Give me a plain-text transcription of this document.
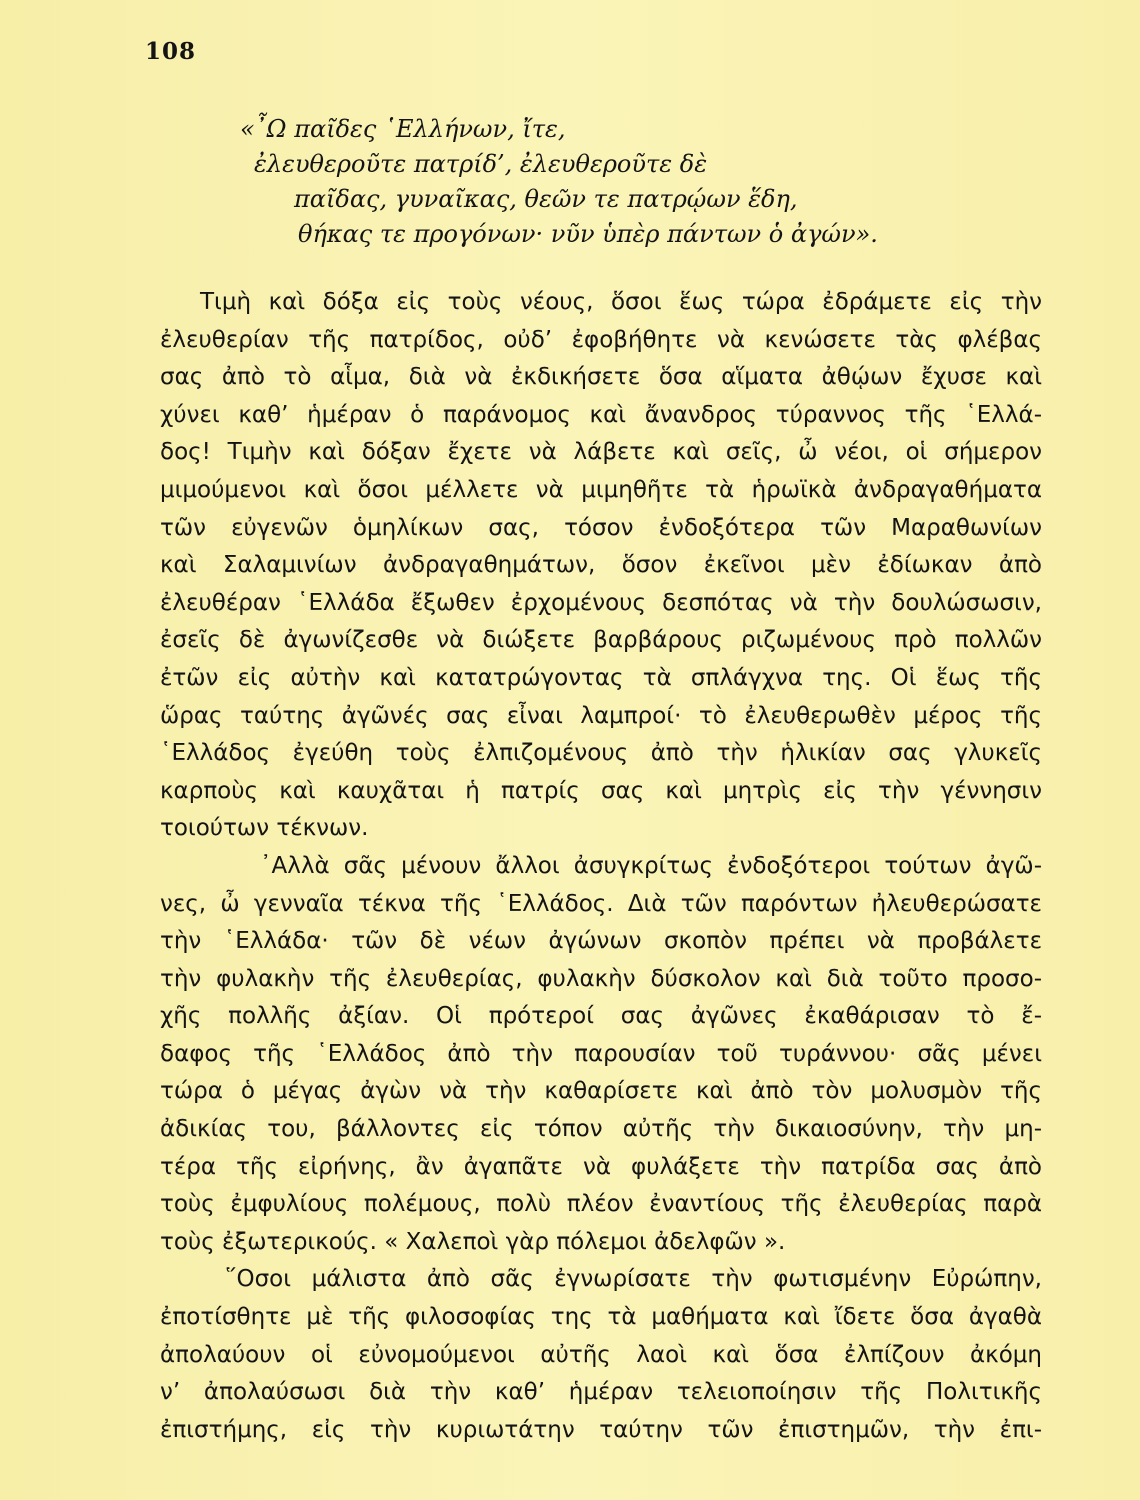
108
«῏Ω παῖδες ῾Ελλήνων, ἴτε,
ἐλευθεροῦτε πατρίδ’, ἐλευθεροῦτε δὲ
παῖδας, γυναῖκας, θεῶν τε πατρῴων ἕδη,
θήκας τε προγόνων· νῦν ὑπὲρ πάντων ὁ ἀγών».
Τιμὴ καὶ δόξα εἰς τοὺς νέους, ὅσοι ἕως τώρα ἐδράμετε εἰς τὴν
ἐλευθερίαν τῆς πατρίδος, οὐδ’ ἐφοβήθητε νὰ κενώσετε τὰς φλέβας
σας ἀπὸ τὸ αἷμα, διὰ νὰ ἐκδικήσετε ὅσα αἵματα ἀθῴων ἔχυσε καὶ
χύνει καθ’ ἡμέραν ὁ παράνομος καὶ ἄνανδρος τύραννος τῆς ῾Ελλά-
δος! Τιμὴν καὶ δόξαν ἔχετε νὰ λάβετε καὶ σεῖς, ὦ νέοι, οἱ σήμερον
μιμούμενοι καὶ ὅσοι μέλλετε νὰ μιμηθῆτε τὰ ἡρωϊκὰ ἀνδραγαθήματα
τῶν εὐγενῶν ὁμηλίκων σας, τόσον ἐνδοξότερα τῶν Μαραθωνίων
καὶ Σαλαμινίων ἀνδραγαθημάτων, ὅσον ἐκεῖνοι μὲν ἐδίωκαν ἀπὸ
ἐλευθέραν ῾Ελλάδα ἔξωθεν ἐρχομένους δεσπότας νὰ τὴν δουλώσωσιν,
ἐσεῖς δὲ ἀγωνίζεσθε νὰ διώξετε βαρβάρους ριζωμένους πρὸ πολλῶν
ἐτῶν εἰς αὐτὴν καὶ κατατρώγοντας τὰ σπλάγχνα της. Οἱ ἕως τῆς
ὥρας ταύτης ἀγῶνές σας εἶναι λαμπροί· τὸ ἐλευθερωθὲν μέρος τῆς
῾Ελλάδος ἐγεύθη τοὺς ἐλπιζομένους ἀπὸ τὴν ἡλικίαν σας γλυκεῖς
καρποὺς καὶ καυχᾶται ἡ πατρίς σας καὶ μητρὶς εἰς τὴν γέννησιν
τοιούτων τέκνων.
᾿Αλλὰ σᾶς μένουν ἄλλοι ἀσυγκρίτως ἐνδοξότεροι τούτων ἀγῶ-
νες, ὦ γενναῖα τέκνα τῆς ῾Ελλάδος. Διὰ τῶν παρόντων ἠλευθερώσατε
τὴν ῾Ελλάδα· τῶν δὲ νέων ἀγώνων σκοπὸν πρέπει νὰ προβάλετε
τὴν φυλακὴν τῆς ἐλευθερίας, φυλακὴν δύσκολον καὶ διὰ τοῦτο προσο-
χῆς πολλῆς ἀξίαν. Οἱ πρότεροί σας ἀγῶνες ἐκαθάρισαν τὸ ἔ-
δαφος τῆς ῾Ελλάδος ἀπὸ τὴν παρουσίαν τοῦ τυράννου· σᾶς μένει
τώρα ὁ μέγας ἀγὼν νὰ τὴν καθαρίσετε καὶ ἀπὸ τὸν μολυσμὸν τῆς
ἀδικίας του, βάλλοντες εἰς τόπον αὐτῆς τὴν δικαιοσύνην, τὴν μη-
τέρα τῆς εἰρήνης, ἂν ἀγαπᾶτε νὰ φυλάξετε τὴν πατρίδα σας ἀπὸ
τοὺς ἐμφυλίους πολέμους, πολὺ πλέον ἐναντίους τῆς ἐλευθερίας παρὰ
τοὺς ἐξωτερικούς. « Χαλεποὶ γὰρ πόλεμοι ἀδελφῶν ».
῞Οσοι μάλιστα ἀπὸ σᾶς ἐγνωρίσατε τὴν φωτισμένην Εὐρώπην,
ἐποτίσθητε μὲ τῆς φιλοσοφίας της τὰ μαθήματα καὶ ἴδετε ὅσα ἀγαθὰ
ἀπολαύουν οἱ εὐνομούμενοι αὐτῆς λαοὶ καὶ ὅσα ἐλπίζουν ἀκόμη
ν’ ἀπολαύσωσι διὰ τὴν καθ’ ἡμέραν τελειοποίησιν τῆς Πολιτικῆς
ἐπιστήμης, εἰς τὴν κυριωτάτην ταύτην τῶν ἐπιστημῶν, τὴν ἐπι-
